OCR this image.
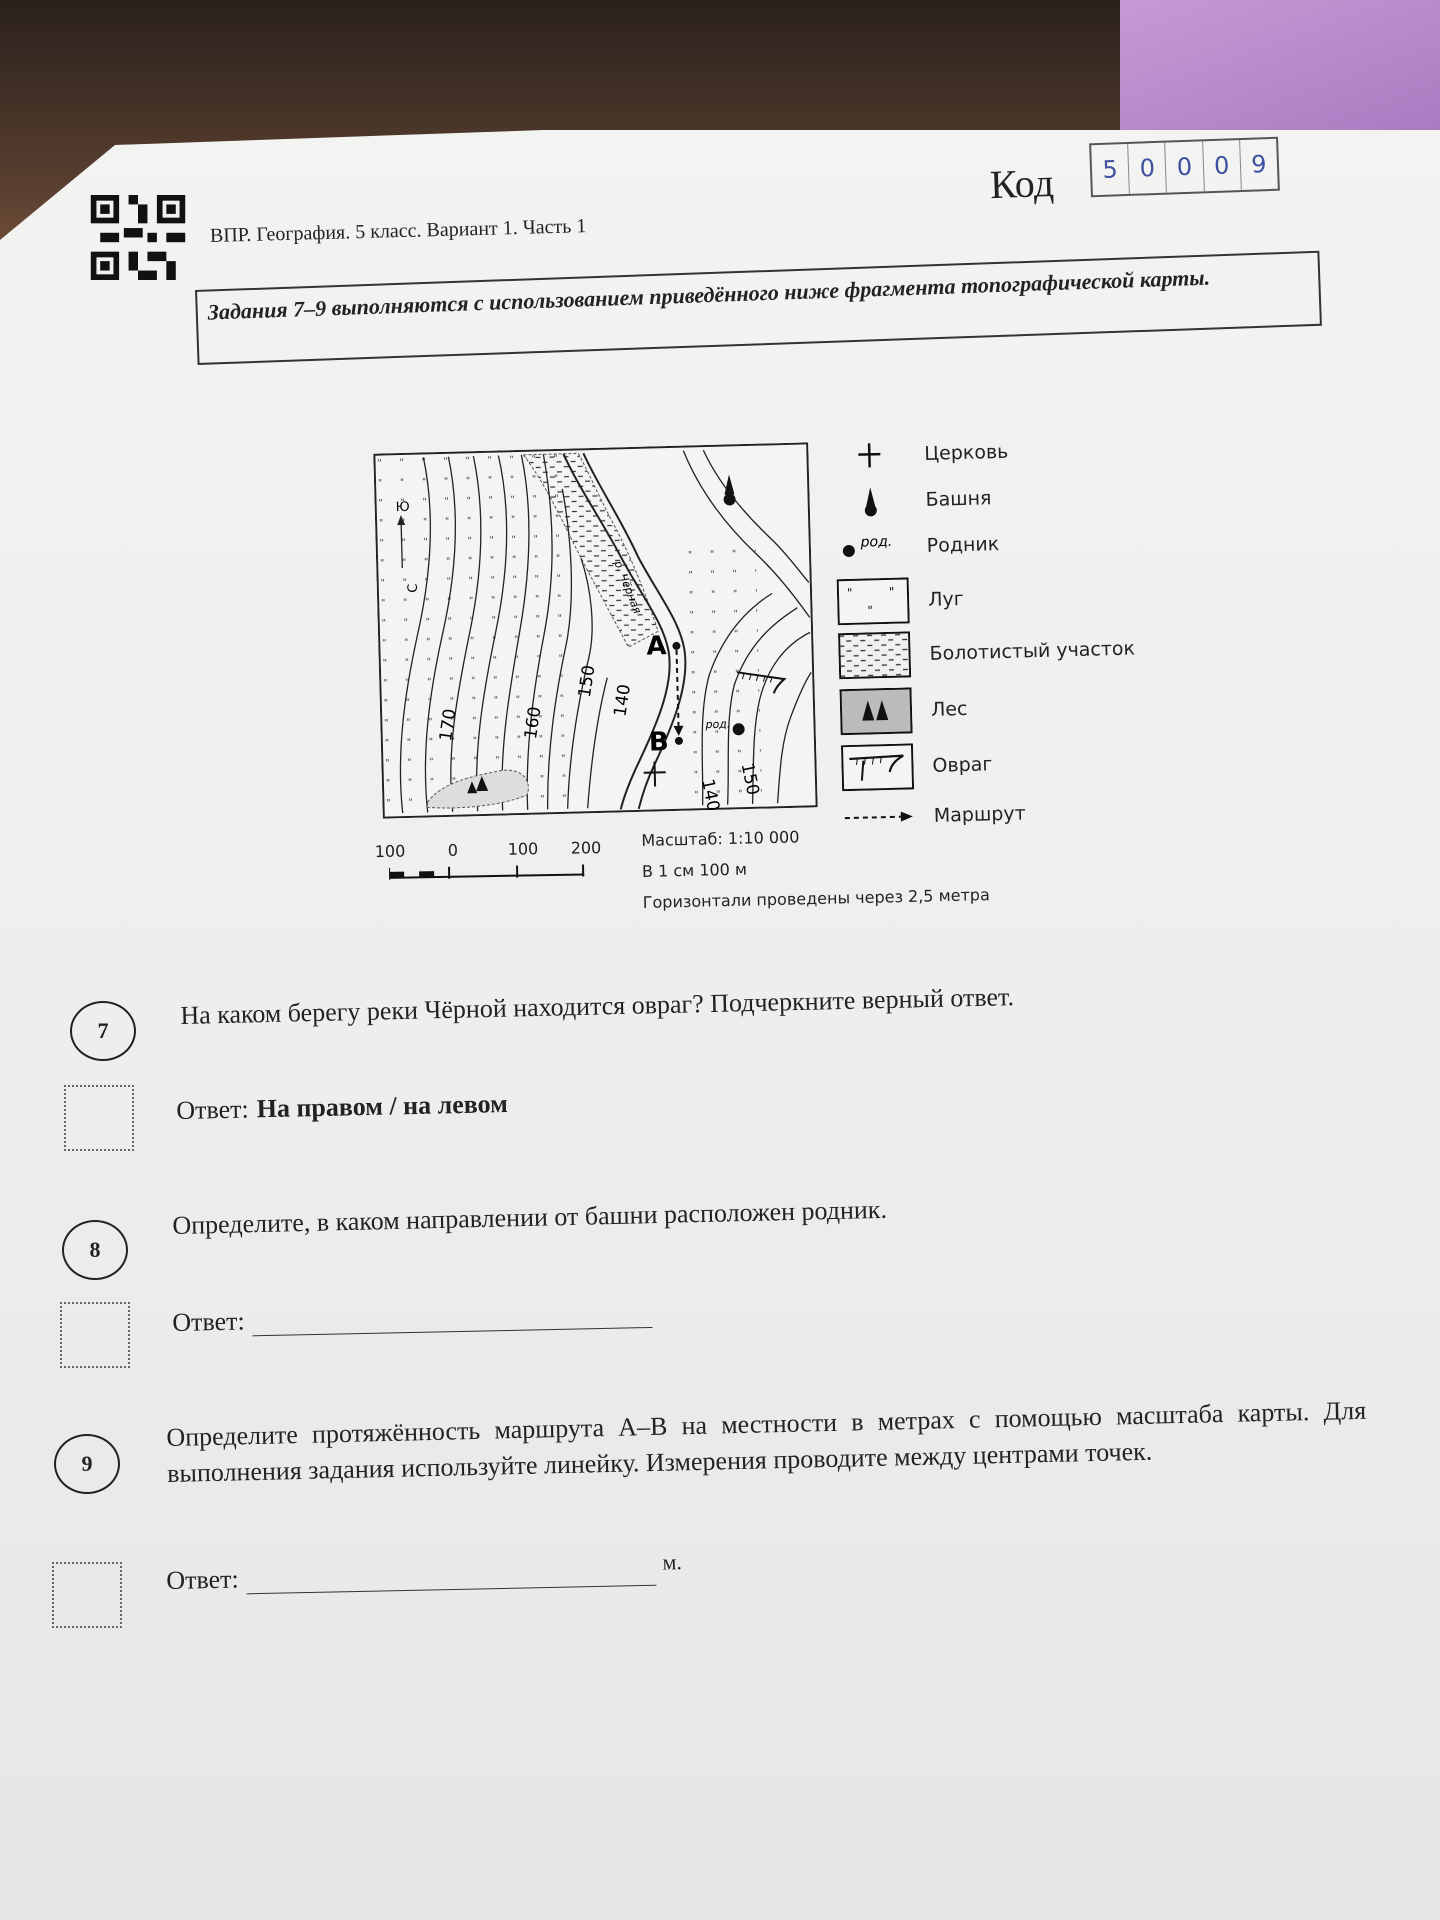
ВПР. География. 5 класс. Вариант 1. Часть 1
Код	5 0 0 0 9
Задания 7–9 выполняются с использованием приведённого ниже фрагмента топографической карты.
С
Ю
170	160
150
140
140 150
р. Чёрная
A
B
род.
Церковь
Башня
род. Родник
"	"
"	Луг
Болотистый участок
Лес
Овраг
Маршрут
100	0	100 200 Масштаб: 1:10 000
В 1 см 100 м
Горизонтали проведены через 2,5 метра
7
На каком берегу реки Чёрной находится овраг? Подчеркните верный ответ.
Ответ: На правом / на левом
8
Определите, в каком направлении от башни расположен родник.
Ответ:
9
Определите протяжённость маршрута А–В на местности в метрах с помощью масштаба карты. Для выполнения задания используйте линейку. Измерения проводите между центрами точек.
Ответ:
м.
